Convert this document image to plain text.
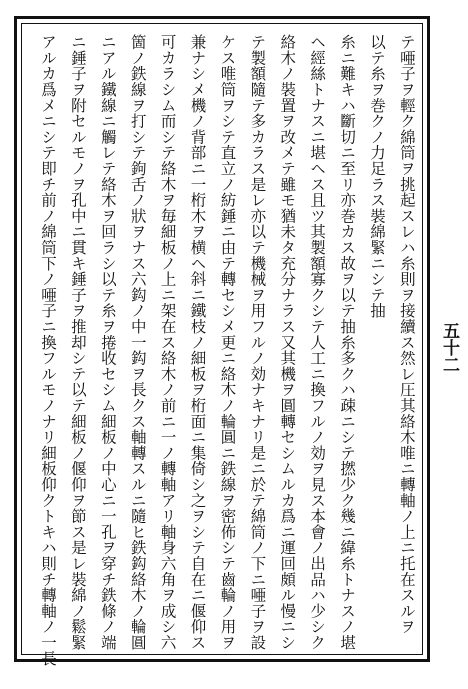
テ唖子ヲ輕ク綿筒ヲ挑起スレハ糸則ヲ接續ス然レ圧其絡木唯ニ轉軸ノ上ニ托在スルヲ
以テ糸ヲ巻クノ力足ラス裝綿緊ニシテ抽
糸ニ難キハ斷切ニ至リ亦巻カス故ヲ以テ抽糸多クハ疎ニシテ撚少ク幾ニ緯糸トナスノ堪
ヘ經絲トナスニ堪ヘス且ツ其製額寡クシテ人工ニ換フルノ効ヲ見ス本會ノ出品ハ少シク
絡木ノ裝置ヲ改メテ雖モ猶未タ充分ナラス又其機ヲ圓轉セシムルカ爲ニ運回頗ル慢ニシ
テ製額隨テ多カラス是レ亦以テ機械ヲ用フルノ効ナキナリ是ニ於テ綿筒ノ下ニ唖子ヲ設
ケス唯筒ヲシテ直立ノ紡錘ニ由テ轉セシメ更ニ絡木ノ輪圓ニ鉄線ヲ密佈シテ齒輪ノ用ヲ
兼ナシメ機ノ背部ニ一桁木ヲ横ヘ斜ニ鐵枝ノ細板ヲ桁面ニ集倚シ之ヲシテ自在ニ偃仰ス
可カラシム而シテ絡木ヲ毎細板ノ上ニ架在ス絡木ノ前ニ一ノ轉軸アリ軸身六角ヲ成シ六
箇ノ鉄線ヲ打シテ鉤舌ノ狀ヲナス六鈎ノ中一鈎ヲ長クス軸轉スルニ隨ヒ鉄鈎絡木ノ輪圓
ニアル鐵線ニ觸レテ絡木ヲ回ラシ以テ糸ヲ捲收セシム細板ノ中心ニ一孔ヲ穿チ鉄條ノ端
ニ錘子ヲ附セルモノヲ孔中ニ貫キ錘子ヲ推却シテ以テ細板ノ偃仰ヲ節ス是レ裝綿ノ鬆緊
アルカ爲メニシテ即チ前ノ綿筒下ノ唖子ニ換フルモノナリ細板仰クトキハ則チ轉軸ノ一長	五十二
